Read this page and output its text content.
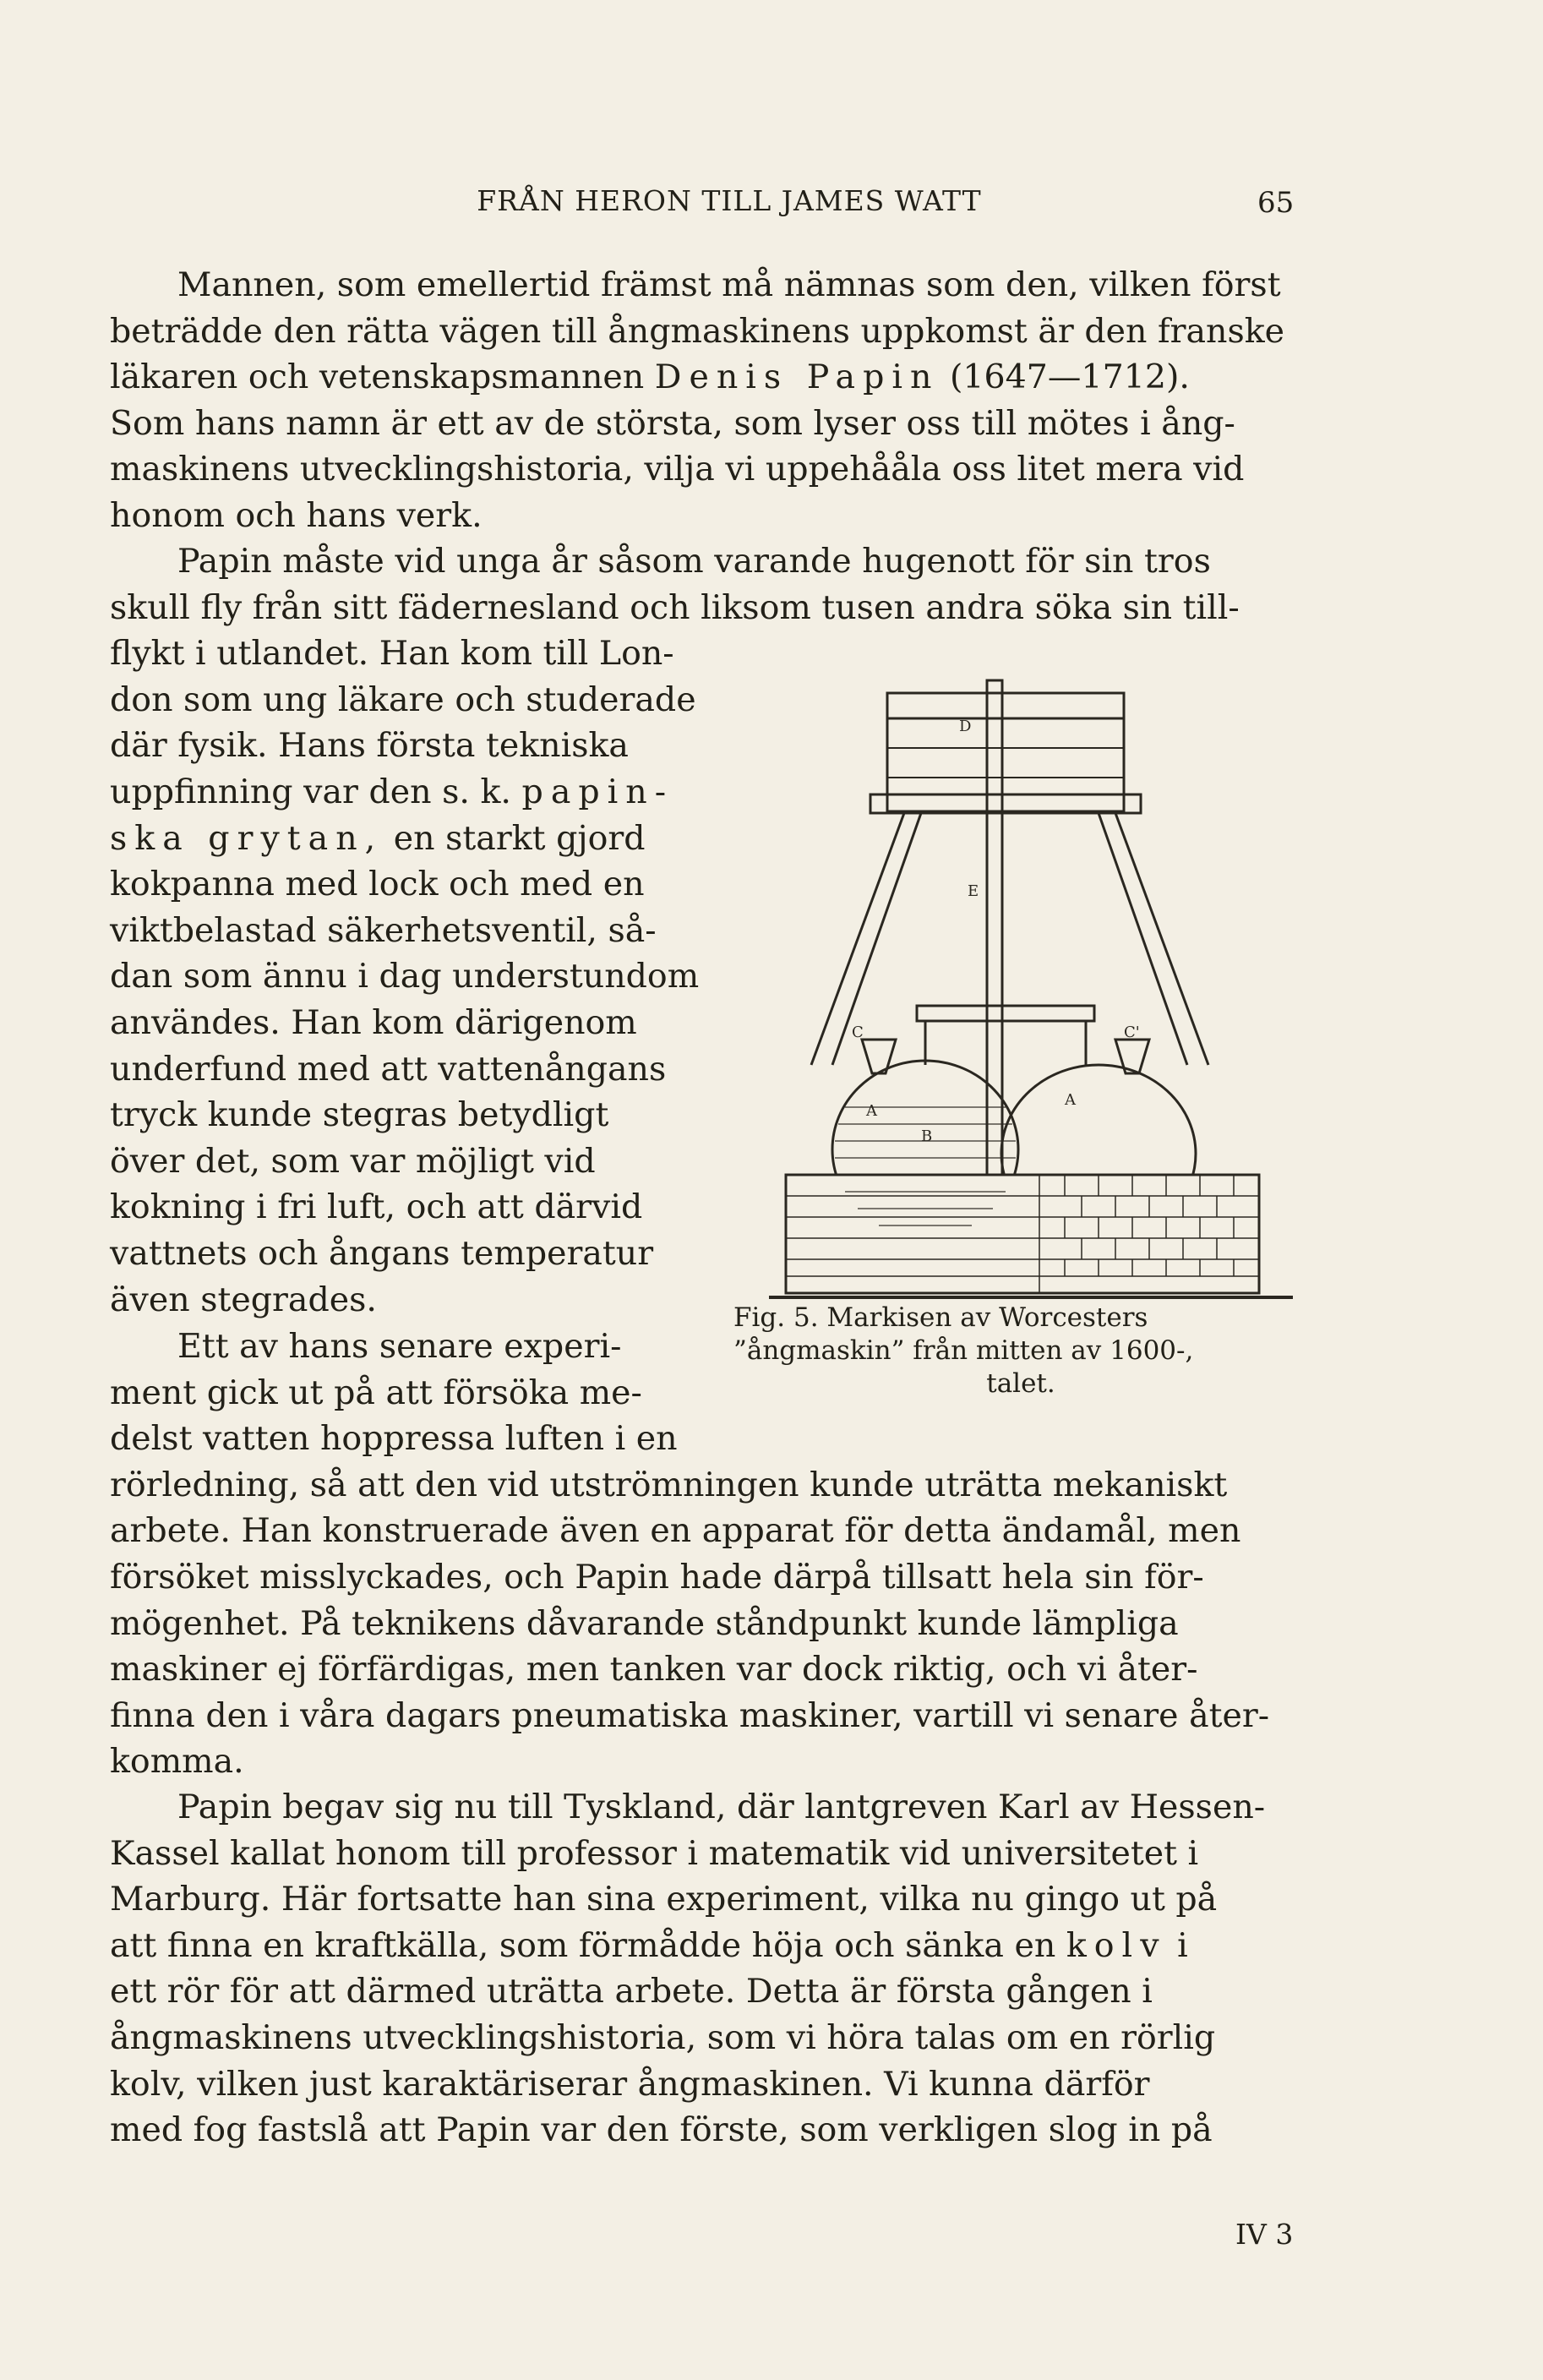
FRÅN HERON TILL JAMES WATT	65

Mannen, som emellertid främst må nämnas som den, vilken först

beträdde den rätta vägen till ångmaskinens uppkomst är den franske

läkaren och vetenskapsmannen Denis Papin (1647—1712).

Som hans namn är ett av de största, som lyser oss till mötes i ång-

maskinens utvecklingshistoria, vilja vi uppehååla oss litet mera vid

honom och hans verk.

Papin måste vid unga år såsom varande hugenott för sin tros

skull fly från sitt fädernesland och liksom tusen andra söka sin till-

flykt i utlandet. Han kom till Lon-

don som ung läkare och studerade

där fysik. Hans första tekniska

uppfinning var den s. k. papin-

ska grytan, en starkt gjord

kokpanna med lock och med en

viktbelastad säkerhetsventil, så-

dan som ännu i dag understundom

användes. Han kom därigenom

underfund med att vattenångans

tryck kunde stegras betydligt

över det, som var möjligt vid

kokning i fri luft, och att därvid

vattnets och ångans temperatur

även stegrades.

Ett av hans senare experi-

ment gick ut på att försöka me-

delst vatten hoppressa luften i en

rörledning, så att den vid utströmningen kunde uträtta mekaniskt

arbete. Han konstruerade även en apparat för detta ändamål, men

försöket misslyckades, och Papin hade därpå tillsatt hela sin för-

mögenhet. På teknikens dåvarande ståndpunkt kunde lämpliga

maskiner ej förfärdigas, men tanken var dock riktig, och vi åter-

finna den i våra dagars pneumatiska maskiner, vartill vi senare åter-

komma.

Papin begav sig nu till Tyskland, där lantgreven Karl av Hessen-

Kassel kallat honom till professor i matematik vid universitetet i

Marburg. Här fortsatte han sina experiment, vilka nu gingo ut på

att finna en kraftkälla, som förmådde höja och sänka en kolv i

ett rör för att därmed uträtta arbete. Detta är första gången i

ångmaskinens utvecklingshistoria, som vi höra talas om en rörlig

kolv, vilken just karaktäriserar ångmaskinen. Vi kunna därför

med fog fastslå att Papin var den förste, som verkligen slog in på

D
E
C	C'
A
A
B
Fig. 5. Markisen av Worcesters
”ångmaskin” från mitten av 1600-,
talet.
IV 3
